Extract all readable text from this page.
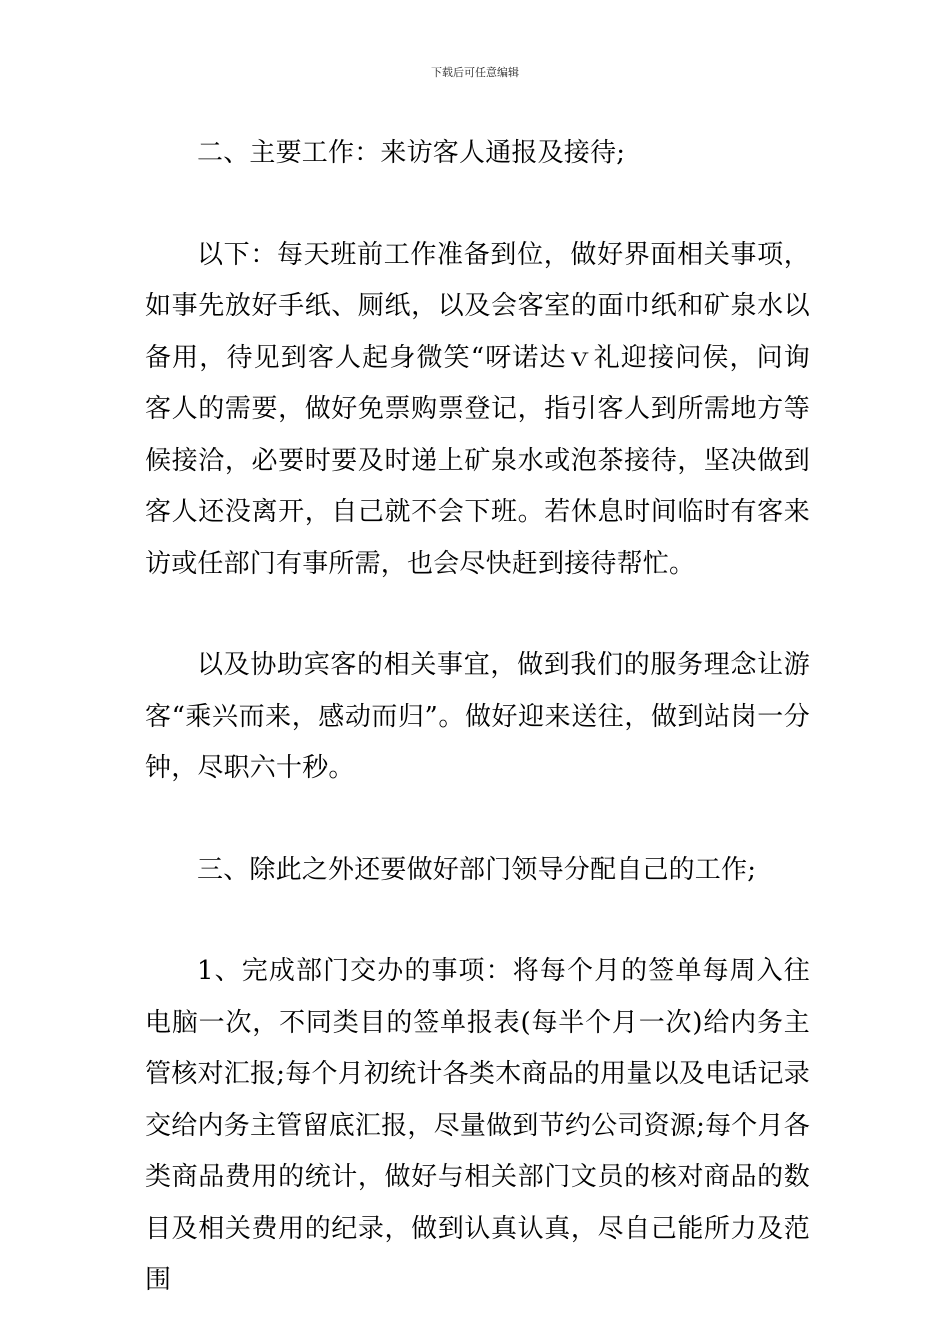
下载后可任意编辑

二、主要工作：来访客人通报及接待;

以下：每天班前工作准备到位，做好界面相关事项，如事先放好手纸、厕纸，以及会客室的面巾纸和矿泉水以备用，待见到客人起身微笑“呀诺达ｖ礼迎接问侯，问询客人的需要，做好免票购票登记，指引客人到所需地方等候接洽，必要时要及时递上矿泉水或泡茶接待，坚决做到客人还没离开，自己就不会下班。若休息时间临时有客来访或任部门有事所需，也会尽快赶到接待帮忙。

以及协助宾客的相关事宜，做到我们的服务理念让游客“乘兴而来，感动而归”。做好迎来送往，做到站岗一分钟，尽职六十秒。

三、除此之外还要做好部门领导分配自己的工作;

1、完成部门交办的事项：将每个月的签单每周入往电脑一次，不同类目的签单报表(每半个月一次)给内务主管核对汇报;每个月初统计各类木商品的用量以及电话记录交给内务主管留底汇报，尽量做到节约公司资源;每个月各类商品费用的统计，做好与相关部门文员的核对商品的数目及相关费用的纪录，做到认真认真，尽自己能所力及范围
